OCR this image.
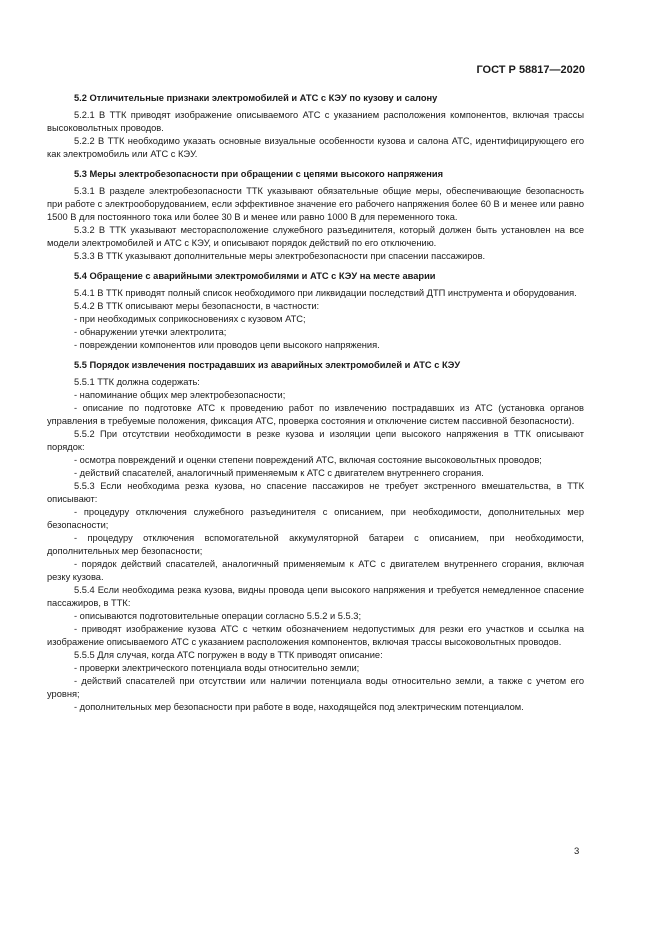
ГОСТ Р 58817—2020
5.2 Отличительные признаки электромобилей и АТС с КЭУ по кузову и салону
5.2.1 В ТТК приводят изображение описываемого АТС с указанием расположения компонентов, включая трассы высоковольтных проводов.
5.2.2 В ТТК необходимо указать основные визуальные особенности кузова и салона АТС, идентифицирующего его как электромобиль или АТС с КЭУ.
5.3 Меры электробезопасности при обращении с цепями высокого напряжения
5.3.1 В разделе электробезопасности ТТК указывают обязательные общие меры, обеспечивающие безопасность при работе с электрооборудованием, если эффективное значение его рабочего напряжения более 60 В и менее или равно 1500 В для постоянного тока или более 30 В и менее или равно 1000 В для переменного тока.
5.3.2 В ТТК указывают месторасположение служебного разъединителя, который должен быть установлен на все модели электромобилей и АТС с КЭУ, и описывают порядок действий по его отключению.
5.3.3 В ТТК указывают дополнительные меры электробезопасности при спасении пассажиров.
5.4 Обращение с аварийными электромобилями и АТС с КЭУ на месте аварии
5.4.1 В ТТК приводят полный список необходимого при ликвидации последствий ДТП инструмента и оборудования.
5.4.2 В ТТК описывают меры безопасности, в частности:
- при необходимых соприкосновениях с кузовом АТС;
- обнаружении утечки электролита;
- повреждении компонентов или проводов цепи высокого напряжения.
5.5 Порядок извлечения пострадавших из аварийных электромобилей и АТС с КЭУ
5.5.1 ТТК должна содержать:
- напоминание общих мер электробезопасности;
- описание по подготовке АТС к проведению работ по извлечению пострадавших из АТС (установка органов управления в требуемые положения, фиксация АТС, проверка состояния и отключение систем пассивной безопасности).
5.5.2 При отсутствии необходимости в резке кузова и изоляции цепи высокого напряжения в ТТК описывают порядок:
- осмотра повреждений и оценки степени повреждений АТС, включая состояние высоковольтных проводов;
- действий спасателей, аналогичный применяемым к АТС с двигателем внутреннего сгорания.
5.5.3 Если необходима резка кузова, но спасение пассажиров не требует экстренного вмешательства, в ТТК описывают:
- процедуру отключения служебного разъединителя с описанием, при необходимости, дополнительных мер безопасности;
- процедуру отключения вспомогательной аккумуляторной батареи с описанием, при необходимости, дополнительных мер безопасности;
- порядок действий спасателей, аналогичный применяемым к АТС с двигателем внутреннего сгорания, включая резку кузова.
5.5.4 Если необходима резка кузова, видны провода цепи высокого напряжения и требуется немедленное спасение пассажиров, в ТТК:
- описываются подготовительные операции согласно 5.5.2 и 5.5.3;
- приводят изображение кузова АТС с четким обозначением недопустимых для резки его участков и ссылка на изображение описываемого АТС с указанием расположения компонентов, включая трассы высоковольтных проводов.
5.5.5 Для случая, когда АТС погружен в воду в ТТК приводят описание:
- проверки электрического потенциала воды относительно земли;
- действий спасателей при отсутствии или наличии потенциала воды относительно земли, а также с учетом его уровня;
- дополнительных мер безопасности при работе в воде, находящейся под электрическим потенциалом.
3
